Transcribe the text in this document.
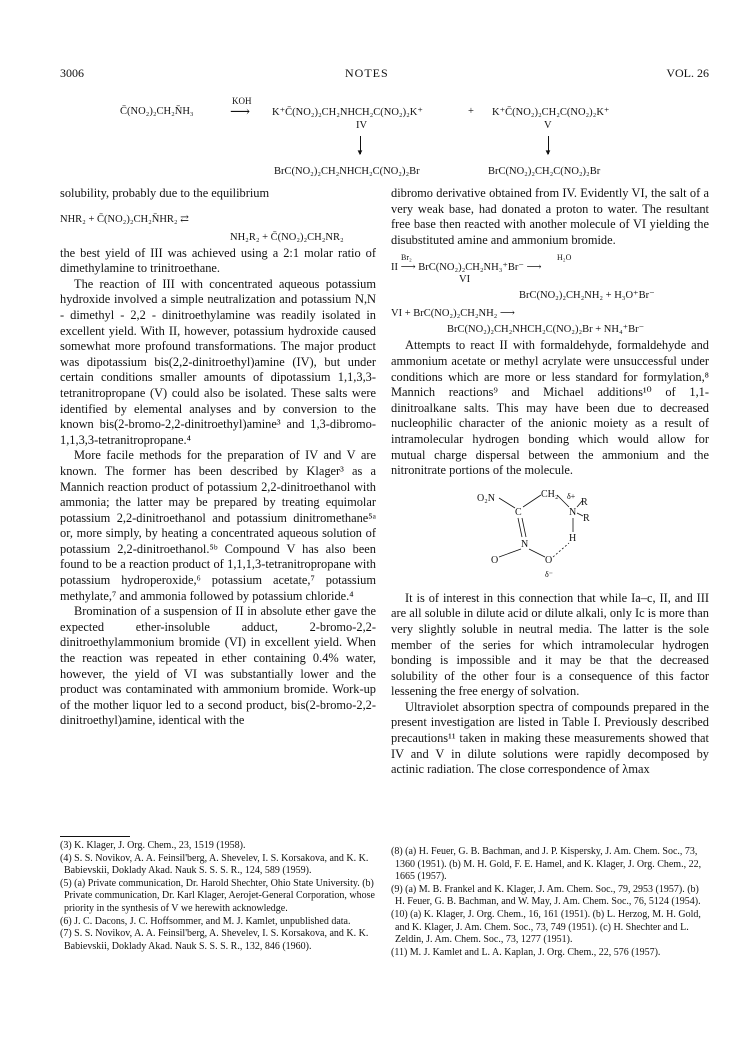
3006	NOTES	VOL. 26
C̄(NO₂)₂CH₂N̄H₃
KOH
⟶ K⁺C̄(NO₂)₂CH₂NHCH₂C(NO₂)₂K⁺	+ K⁺C̄(NO₂)₂CH₂C(NO₂)₂K⁺
IV	V
▼	▼
BrC(NO₂)₂CH₂NHCH₂C(NO₂)₂Br	BrC(NO₂)₂CH₂C(NO₂)₂Br

solubility, probably due to the equilibrium

NHR₂ + C̄(NO₂)₂CH₂N̄HR₂ ⇄
NH₂R₂ + C̄(NO₂)₂CH₂NR₂

the best yield of III was achieved using a 2:1 molar ratio of dimethylamine to trinitroethane.

The reaction of III with concentrated aqueous potassium hydroxide involved a simple neutralization and potassium N,N - dimethyl - 2,2 - dinitroethylamine was readily isolated in excellent yield. With II, however, potassium hydroxide caused somewhat more profound transformations. The major product was dipotassium bis(2,2-dinitroethyl)amine (IV), but under certain conditions smaller amounts of dipotassium 1,1,3,3-tetranitropropane (V) could also be isolated. These salts were identified by elemental analyses and by conversion to the known bis(2-bromo-2,2-dinitroethyl)amine³ and 1,3-dibromo-1,1,3,3-tetranitropropane.⁴

More facile methods for the preparation of IV and V are known. The former has been described by Klager³ as a Mannich reaction product of potassium 2,2-dinitroethanol with ammonia; the latter may be prepared by treating equimolar potassium 2,2-dinitroethanol and potassium dinitromethane⁵ᵃ or, more simply, by heating a concentrated aqueous solution of potassium 2,2-dinitroethanol.⁵ᵇ Compound V has also been found to be a reaction product of 1,1,1,3-tetranitropropane with potassium hydroperoxide,⁶ potassium acetate,⁷ potassium methylate,⁷ and ammonia followed by potassium chloride.⁴

Bromination of a suspension of II in absolute ether gave the expected ether-insoluble adduct, 2-bromo-2,2-dinitroethylammonium bromide (VI) in excellent yield. When the reaction was repeated in ether containing 0.4% water, however, the yield of VI was substantially lower and the product was contaminated with ammonium bromide. Work-up of the mother liquor led to a second product, bis(2-bromo-2,2-dinitroethyl)amine, identical with the

dibromo derivative obtained from IV. Evidently VI, the salt of a very weak base, had donated a proton to water. The resultant free base then reacted with another molecule of VI yielding the disubstituted amine and ammonium bromide.

Br₂	H₂O
II ⟶ BrC(NO₂)₂CH₂NH₃⁺Br⁻ ⟶
VI
BrC(NO₂)₂CH₂NH₂ + H₃O⁺Br⁻
VI + BrC(NO₂)₂CH₂NH₂ ⟶
BrC(NO₂)₂CH₂NHCH₂C(NO₂)₂Br + NH₄⁺Br⁻

Attempts to react II with formaldehyde, formaldehyde and ammonium acetate or methyl acrylate were unsuccessful under conditions which are more or less standard for formylation,⁸ Mannich reactions⁹ and Michael additions¹⁰ of 1,1-dinitroalkane salts. This may have been due to decreased nucleophilic character of the anionic moiety as a result of intramolecular hydrogen bonding which would allow for mutual charge dispersal between the ammonium and the nitronitrate portions of the molecule.

O₂N
C
CH₂ δ+
N
R
R
H
N
O	O
δ⁻

It is of interest in this connection that while Ia–c, II, and III are all soluble in dilute acid or dilute alkali, only Ic is more than very slightly soluble in neutral media. The latter is the sole member of the series for which intramolecular hydrogen bonding is impossible and it may be that the decreased solubility of the other four is a consequence of this factor lessening the free energy of solvation.

Ultraviolet absorption spectra of compounds prepared in the present investigation are listed in Table I. Previously described precautions¹¹ taken in making these measurements showed that IV and V in dilute solutions were rapidly decomposed by actinic radiation. The close correspondence of λmax

(3) K. Klager, J. Org. Chem., 23, 1519 (1958).

(4) S. S. Novikov, A. A. Feinsil'berg, A. Shevelev, I. S. Korsakova, and K. K. Babievskii, Doklady Akad. Nauk S. S. S. R., 124, 589 (1959).

(5) (a) Private communication, Dr. Harold Shechter, Ohio State University. (b) Private communication, Dr. Karl Klager, Aerojet-General Corporation, whose priority in the synthesis of V we herewith acknowledge.

(6) J. C. Dacons, J. C. Hoffsommer, and M. J. Kamlet, unpublished data.

(7) S. S. Novikov, A. A. Feinsil'berg, A. Shevelev, I. S. Korsakova, and K. K. Babievskii, Doklady Akad. Nauk S. S. S. R., 132, 846 (1960).

(8) (a) H. Feuer, G. B. Bachman, and J. P. Kispersky, J. Am. Chem. Soc., 73, 1360 (1951). (b) M. H. Gold, F. E. Hamel, and K. Klager, J. Org. Chem., 22, 1665 (1957).

(9) (a) M. B. Frankel and K. Klager, J. Am. Chem. Soc., 79, 2953 (1957). (b) H. Feuer, G. B. Bachman, and W. May, J. Am. Chem. Soc., 76, 5124 (1954).

(10) (a) K. Klager, J. Org. Chem., 16, 161 (1951). (b) L. Herzog, M. H. Gold, and K. Klager, J. Am. Chem. Soc., 73, 749 (1951). (c) H. Shechter and L. Zeldin, J. Am. Chem. Soc., 73, 1277 (1951).

(11) M. J. Kamlet and L. A. Kaplan, J. Org. Chem., 22, 576 (1957).
